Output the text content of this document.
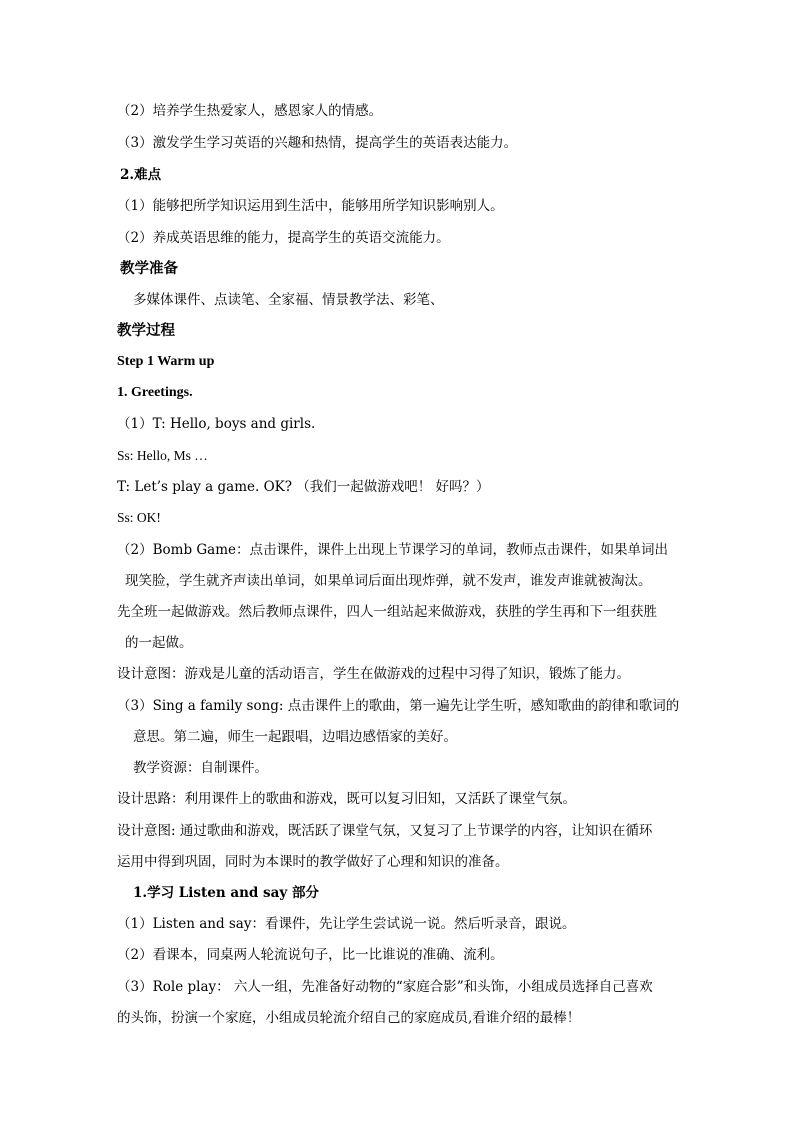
（2）培养学生热爱家人，感恩家人的情感。
（3）激发学生学习英语的兴趣和热情，提高学生的英语表达能力。
2.难点
（1）能够把所学知识运用到生活中，能够用所学知识影响别人。
（2）养成英语思维的能力，提高学生的英语交流能力。
教学准备
多媒体课件、点读笔、全家福、情景教学法、彩笔、
教学过程
Step 1 Warm up
1. Greetings.
（1）T: Hello, boys and girls.
Ss: Hello, Ms …
T: Let’s play a game. OK? （我们一起做游戏吧！ 好吗？）
Ss: OK!
（2）Bomb Game：点击课件，课件上出现上节课学习的单词，教师点击课件，如果单词出
现笑脸，学生就齐声读出单词，如果单词后面出现炸弹，就不发声，谁发声谁就被淘汰。
先全班一起做游戏。然后教师点课件，四人一组站起来做游戏，获胜的学生再和下一组获胜
的一起做。
设计意图：游戏是儿童的活动语言，学生在做游戏的过程中习得了知识，锻炼了能力。
（3）Sing a family song: 点击课件上的歌曲，第一遍先让学生听，感知歌曲的韵律和歌词的
意思。第二遍，师生一起跟唱，边唱边感悟家的美好。
教学资源：自制课件。
设计思路：利用课件上的歌曲和游戏，既可以复习旧知，又活跃了课堂气氛。
设计意图: 通过歌曲和游戏，既活跃了课堂气氛，又复习了上节课学的内容，让知识在循环
运用中得到巩固，同时为本课时的教学做好了心理和知识的准备。
1.学习 Listen and say 部分
（1）Listen and say：看课件，先让学生尝试说一说。然后听录音，跟说。
（2）看课本，同桌两人轮流说句子，比一比谁说的准确、流利。
（3）Role play： 六人一组，先准备好动物的“家庭合影”和头饰，小组成员选择自己喜欢
的头饰，扮演一个家庭，小组成员轮流介绍自己的家庭成员,看谁介绍的最棒！
